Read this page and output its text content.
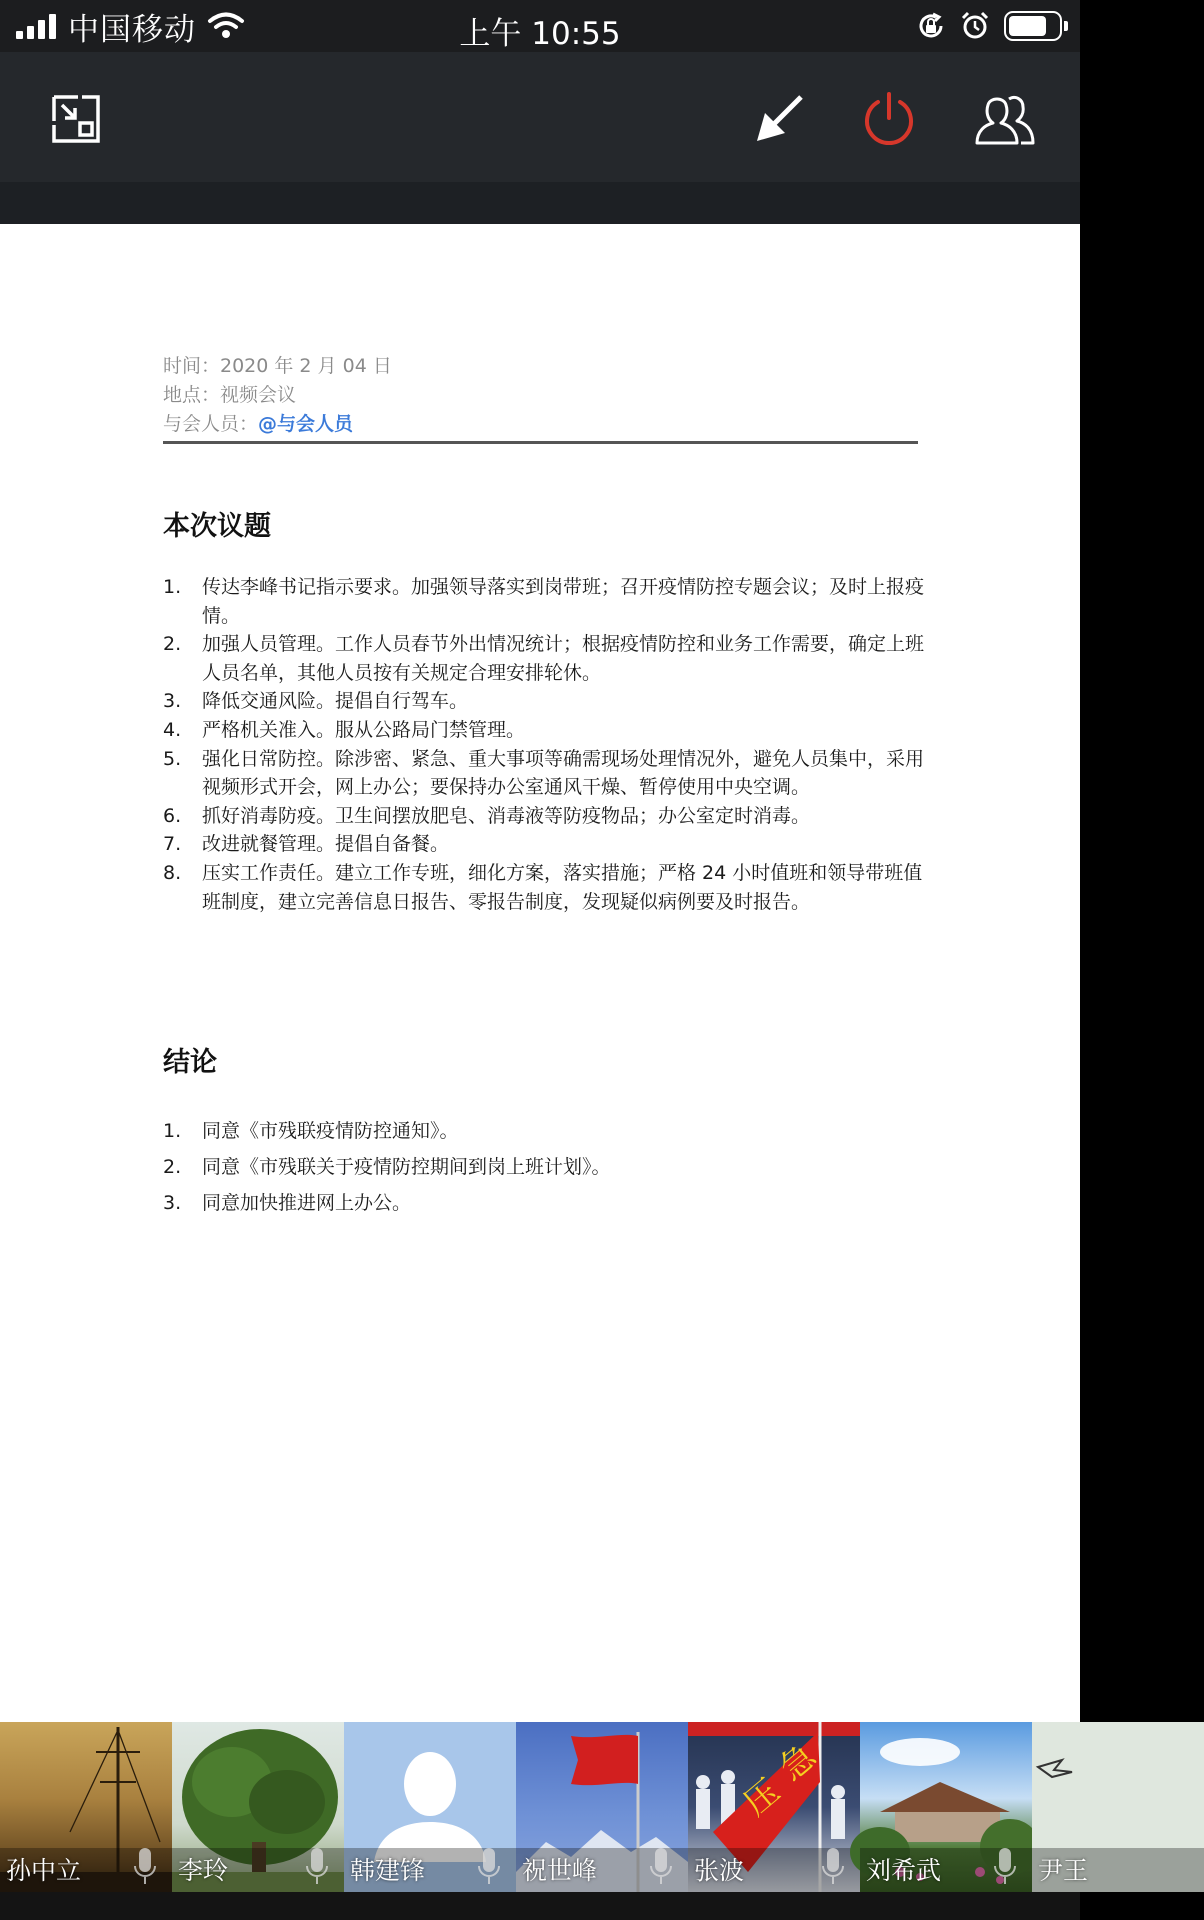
中国移动	上午 10:55
时间：2020 年 2 月 04 日
地点：视频会议
与会人员：@与会人员
本次议题
1. 传达李峰书记指示要求。加强领导落实到岗带班；召开疫情防控专题会议；及时上报疫情。
2. 加强人员管理。工作人员春节外出情况统计；根据疫情防控和业务工作需要，确定上班人员名单，其他人员按有关规定合理安排轮休。
3. 降低交通风险。提倡自行驾车。
4. 严格机关准入。服从公路局门禁管理。
5. 强化日常防控。除涉密、紧急、重大事项等确需现场处理情况外，避免人员集中，采用视频形式开会，网上办公；要保持办公室通风干燥、暂停使用中央空调。
6. 抓好消毒防疫。卫生间摆放肥皂、消毒液等防疫物品；办公室定时消毒。
7. 改进就餐管理。提倡自备餐。
8. 压实工作责任。建立工作专班，细化方案，落实措施；严格 24 小时值班和领导带班值班制度，建立完善信息日报告、零报告制度，发现疑似病例要及时报告。
结论
1. 同意《市残联疫情防控通知》。
2. 同意《市残联关于疫情防控期间到岗上班计划》。
3. 同意加快推进网上办公。
孙中立	李玲	韩建锋	祝世峰
压
急
张波	刘希武	尹王
